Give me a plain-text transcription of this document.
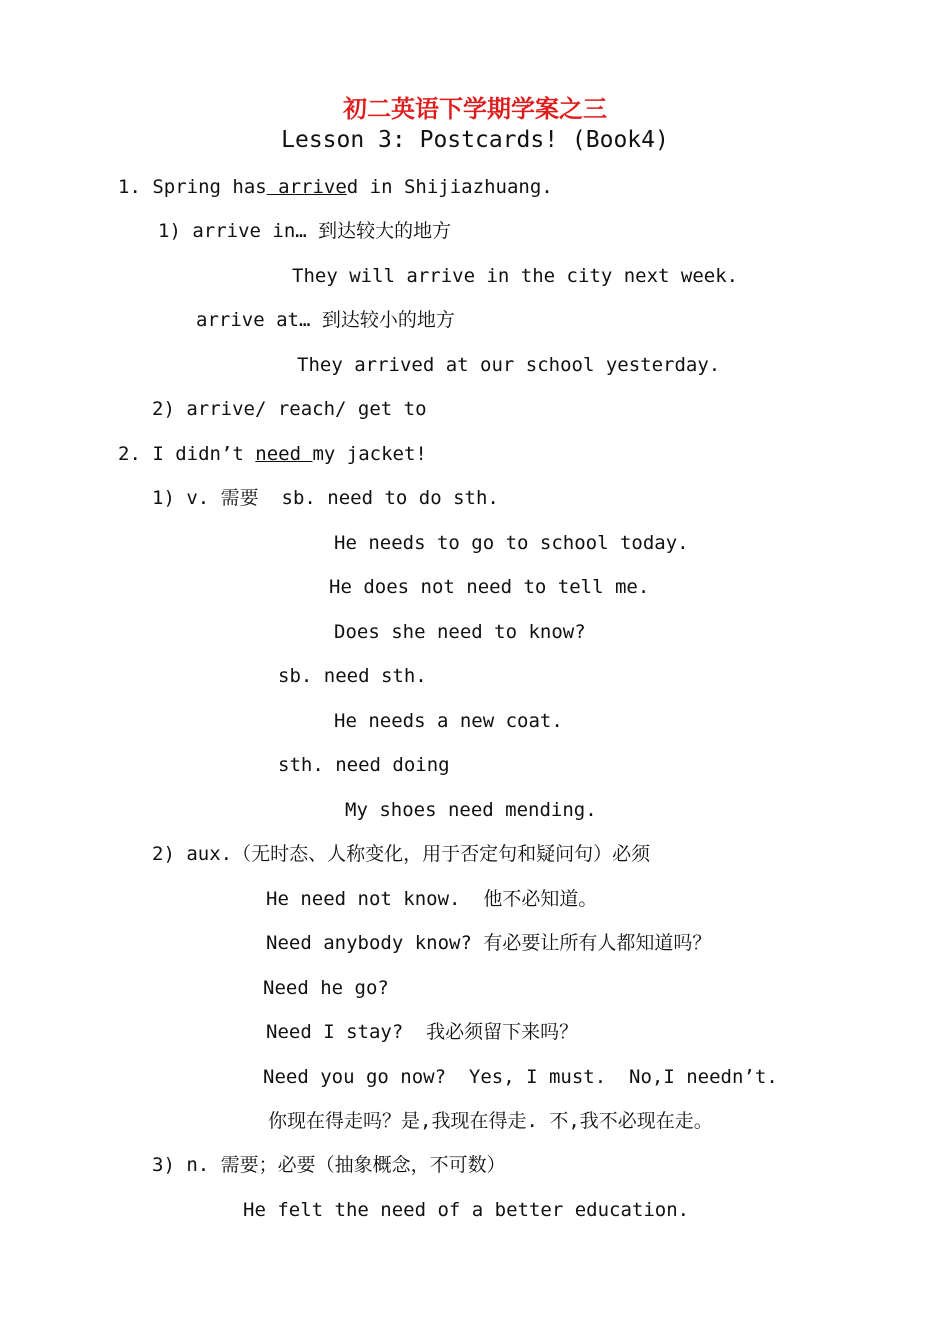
初二英语下学期学案之三
Lesson 3: Postcards! (Book4)
1. Spring has arrived in Shijiazhuang.
1) arrive in… 到达较大的地方
They will arrive in the city next week.
arrive at… 到达较小的地方
They arrived at our school yesterday.
2) arrive/ reach/ get to
2. I didn’t need my jacket!
1) v. 需要  sb. need to do sth.
He needs to go to school today.
He does not need to tell me.
Does she need to know?
sb. need sth.
He needs a new coat.
sth. need doing
My shoes need mending.
2) aux.（无时态、人称变化，用于否定句和疑问句）必须
He need not know.  他不必知道。
Need anybody know? 有必要让所有人都知道吗？
Need he go?
Need I stay?  我必须留下来吗？
Need you go now?  Yes, I must.  No,I needn’t.
你现在得走吗？是,我现在得走. 不,我不必现在走。
3) n. 需要；必要（抽象概念，不可数）
He felt the need of a better education.
